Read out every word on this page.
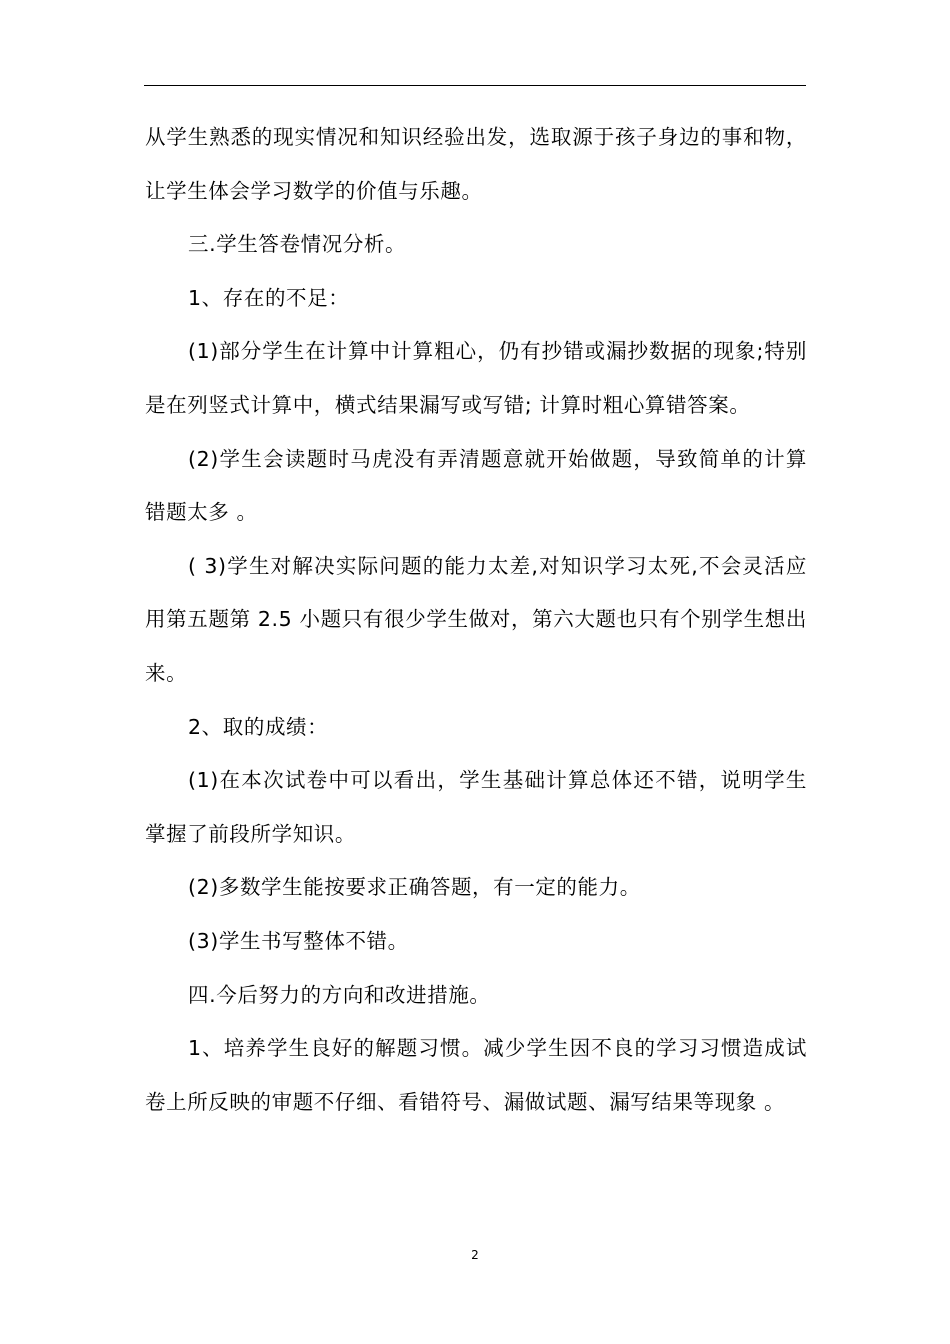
从学生熟悉的现实情况和知识经验出发，选取源于孩子身边的事和物，让学生体会学习数学的价值与乐趣。

三.学生答卷情况分析。

1、存在的不足：

(1)部分学生在计算中计算粗心，仍有抄错或漏抄数据的现象;特别是在列竖式计算中，横式结果漏写或写错; 计算时粗心算错答案。

(2)学生会读题时马虎没有弄清题意就开始做题，导致简单的计算错题太多 。

( 3)学生对解决实际问题的能力太差,对知识学习太死,不会灵活应用第五题第 2.5 小题只有很少学生做对，第六大题也只有个别学生想出来。

2、取的成绩：

(1)在本次试卷中可以看出，学生基础计算总体还不错，说明学生掌握了前段所学知识。

(2)多数学生能按要求正确答题，有一定的能力。

(3)学生书写整体不错。

四.今后努力的方向和改进措施。

1、培养学生良好的解题习惯。减少学生因不良的学习习惯造成试卷上所反映的审题不仔细、看错符号、漏做试题、漏写结果等现象 。

2
